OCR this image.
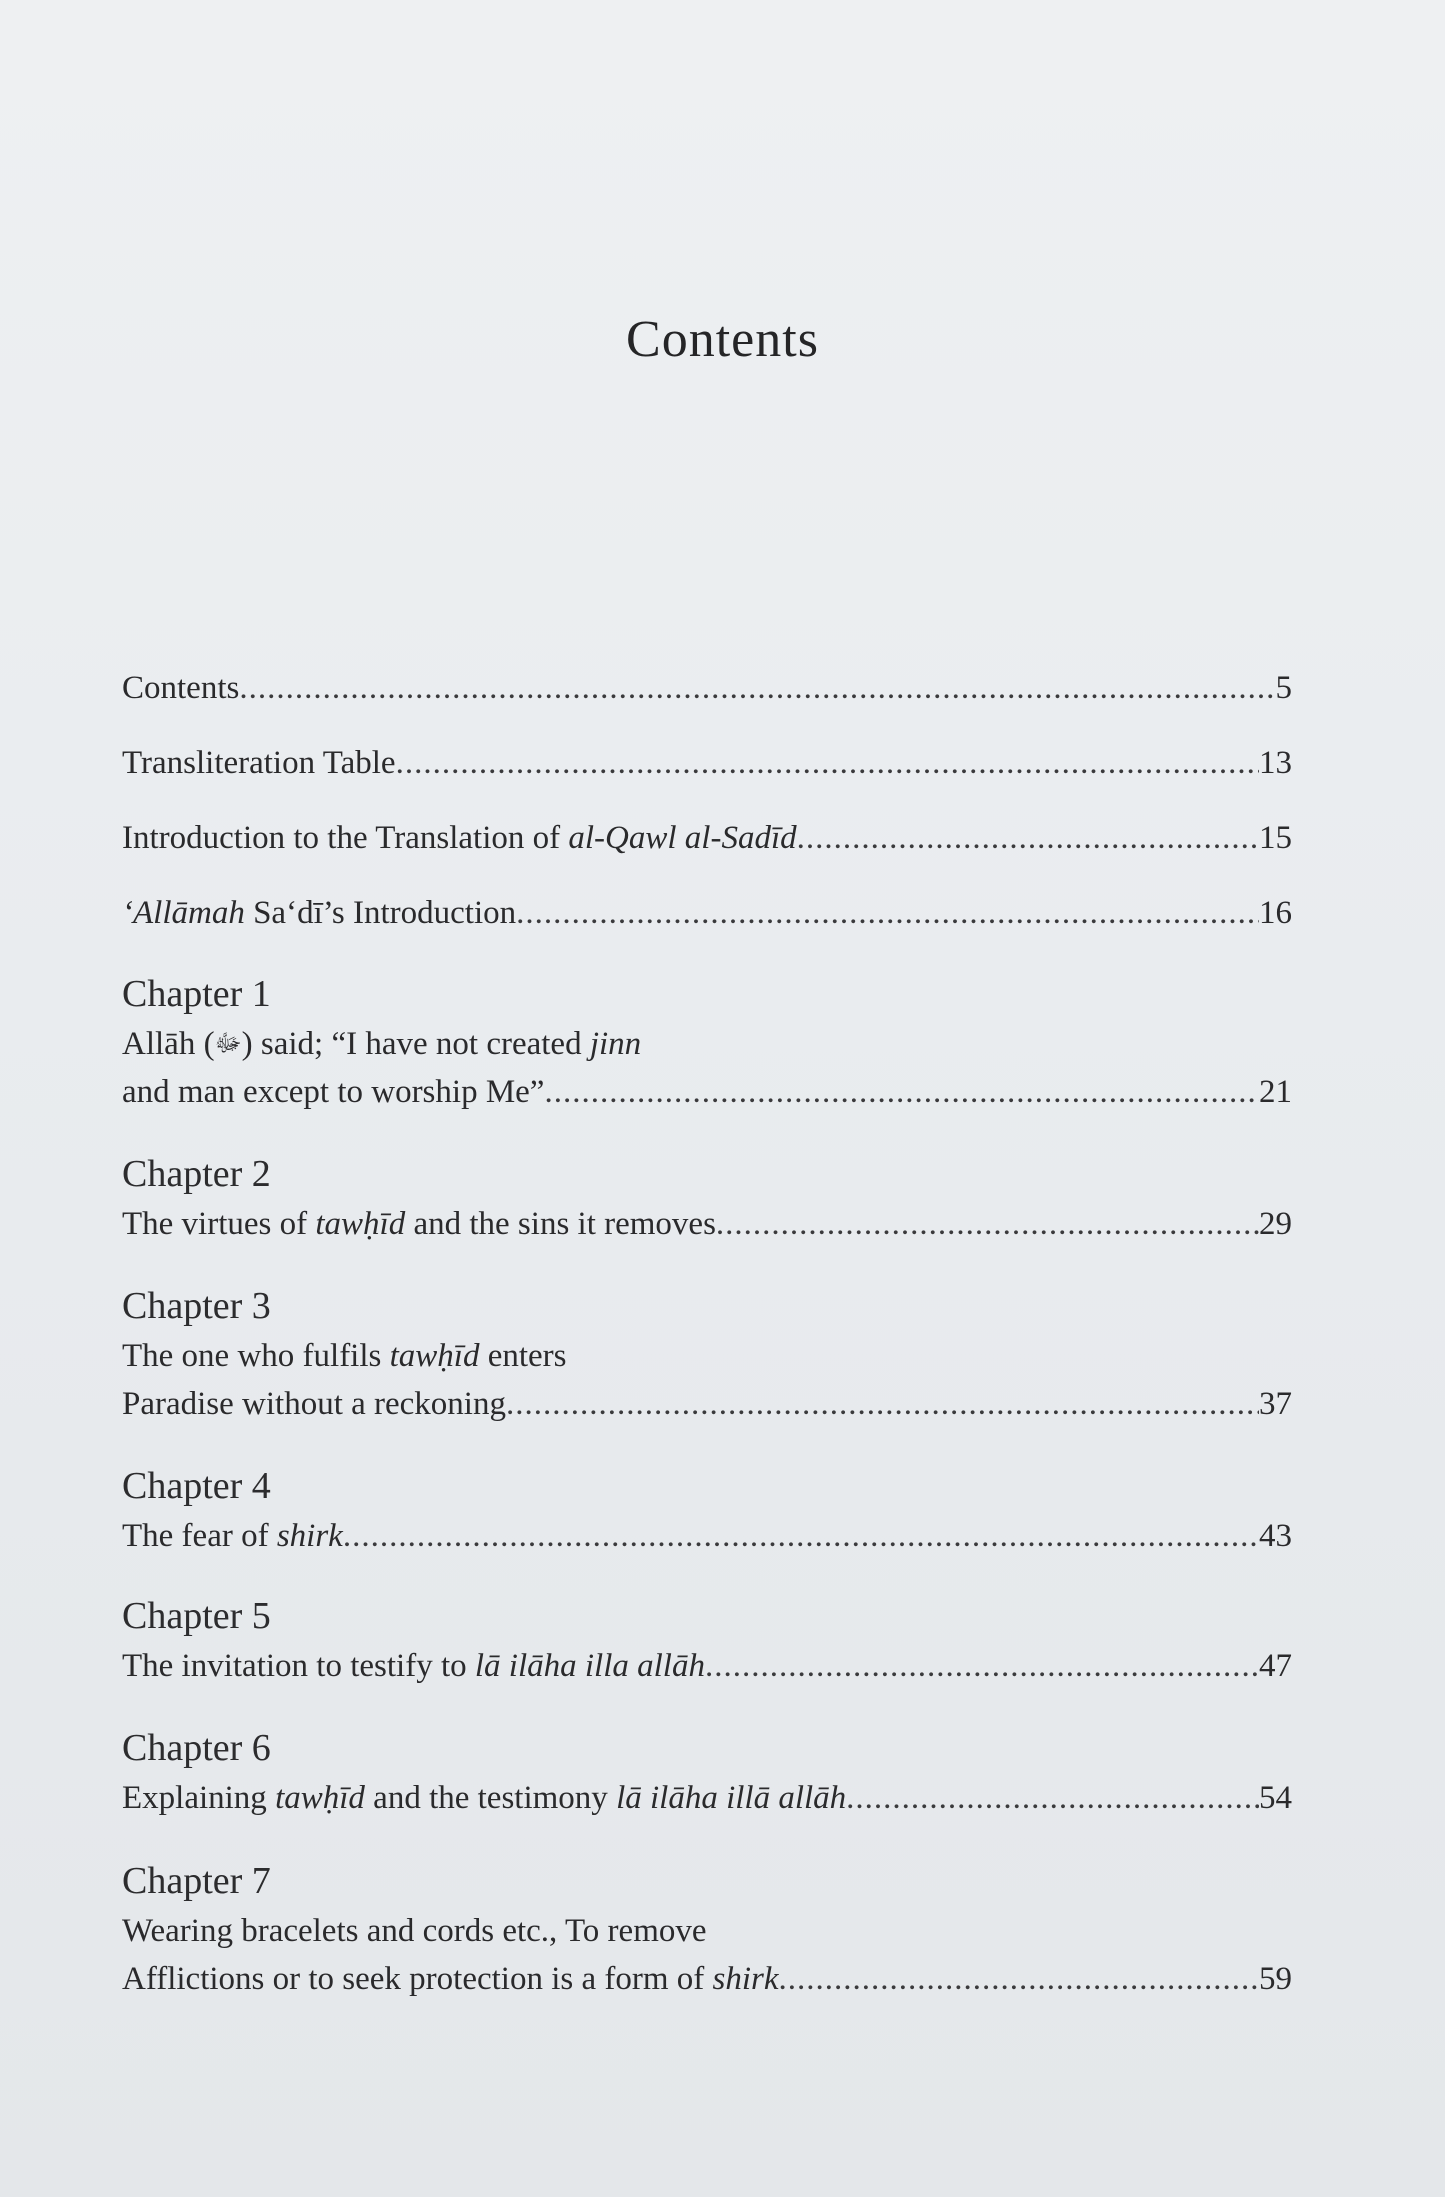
Contents
Contents .....	5
Transliteration Table .....	13
Introduction to the Translation of al-Qawl al-Sadīd .....	15
‘Allāmah Sa‘dī’s Introduction .....	16
Chapter 1
Allāh (ﷻ) said; “I have not created jinn
and man except to worship Me” .....	21
Chapter 2
The virtues of tawḥīd and the sins it removes .....	29
Chapter 3
The one who fulfils tawḥīd enters
Paradise without a reckoning .....	37
Chapter 4
The fear of shirk .....	43
Chapter 5
The invitation to testify to lā ilāha illa allāh .....	47
Chapter 6
Explaining tawḥīd and the testimony lā ilāha illā allāh .....	54
Chapter 7
Wearing bracelets and cords etc., To remove
Afflictions or to seek protection is a form of shirk .....	59
